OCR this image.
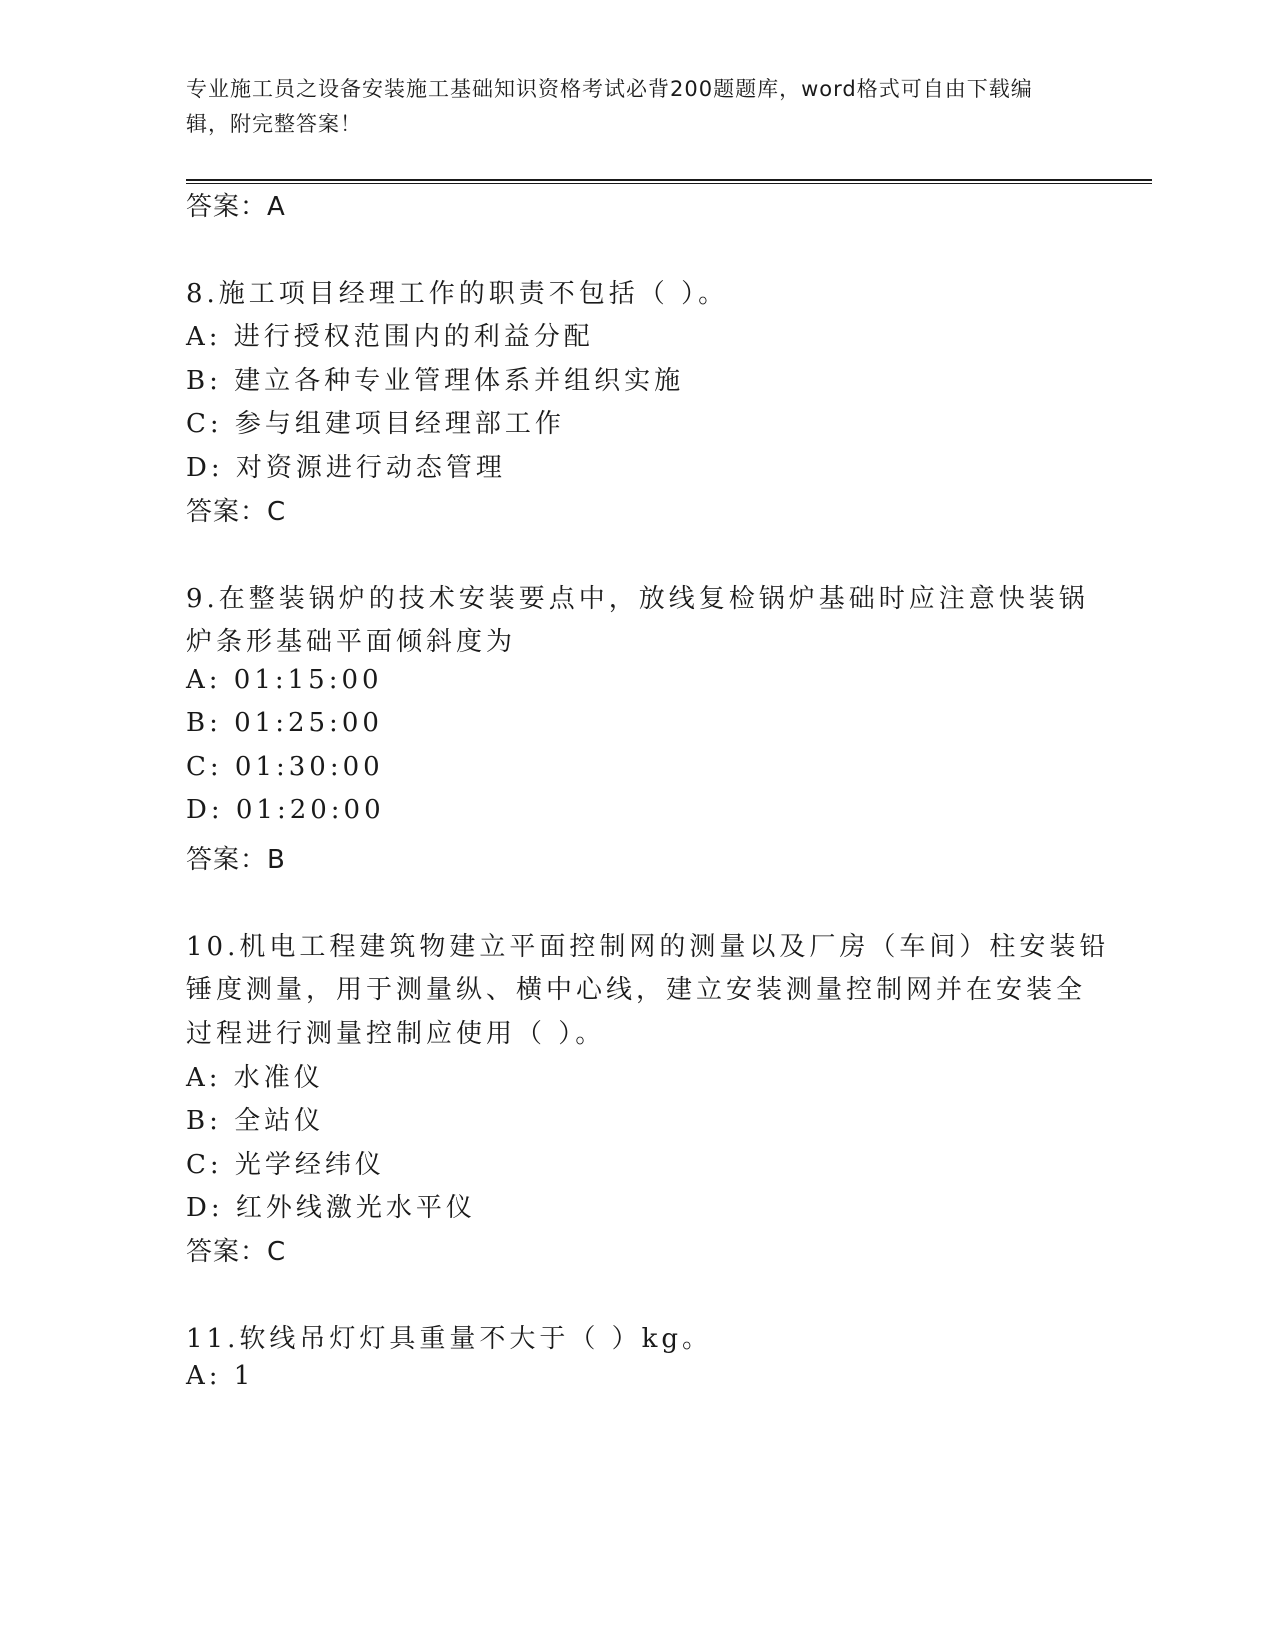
专业施工员之设备安装施工基础知识资格考试必背200题题库，word格式可自由下载编辑，附完整答案！
答案：A
8.施工项目经理工作的职责不包括（ ）。
A: 进行授权范围内的利益分配
B: 建立各种专业管理体系并组织实施
C: 参与组建项目经理部工作
D: 对资源进行动态管理
答案：C
9.在整装锅炉的技术安装要点中，放线复检锅炉基础时应注意快装锅
炉条形基础平面倾斜度为
A: 01:15:00
B: 01:25:00
C: 01:30:00
D: 01:20:00
答案：B
10.机电工程建筑物建立平面控制网的测量以及厂房（车间）柱安装铅
锤度测量，用于测量纵、横中心线，建立安装测量控制网并在安装全
过程进行测量控制应使用（ ）。
A: 水准仪
B: 全站仪
C: 光学经纬仪
D: 红外线激光水平仪
答案：C
11.软线吊灯灯具重量不大于（ ）kg。
A: 1
